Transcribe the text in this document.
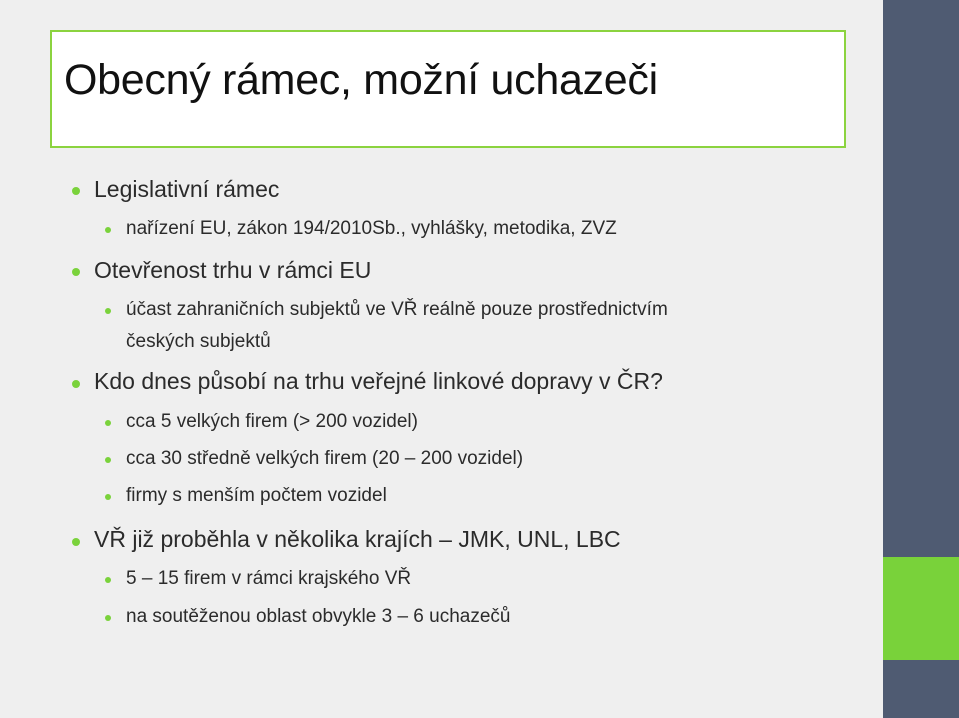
Obecný rámec, možní uchazeči
Legislativní rámec
nařízení EU, zákon 194/2010Sb., vyhlášky, metodika, ZVZ
Otevřenost trhu v rámci EU
účast zahraničních subjektů ve VŘ reálně pouze prostřednictvím
českých subjektů
Kdo dnes působí na trhu veřejné linkové dopravy v ČR?
cca 5 velkých firem (> 200 vozidel)
cca 30 středně velkých firem (20 – 200 vozidel)
firmy s menším počtem vozidel
VŘ již proběhla v několika krajích – JMK, UNL, LBC
5 – 15 firem v rámci krajského VŘ
na soutěženou oblast obvykle 3 – 6 uchazečů
